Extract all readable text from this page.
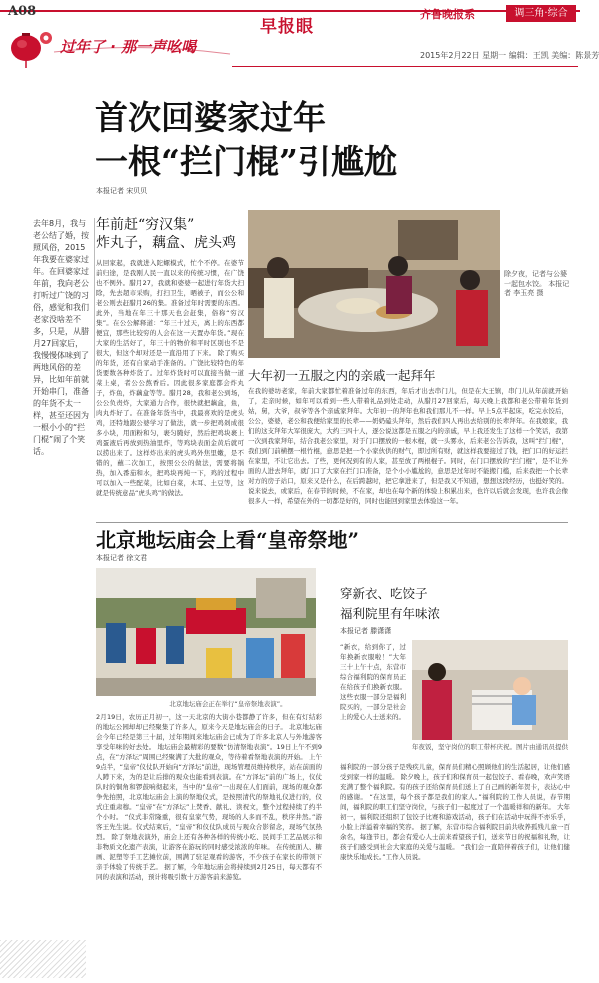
A08	齐鲁晚报系	调三角·综合
早报眼
过年了 · 那一声吆喝	2015年2月22日 星期一 编辑：王凯 美编：陈景芳
首次回婆家过年
一根“拦门棍”引尴尬
本报记者 宋贝贝
去年8月，我与老公结了婚，按照风俗，2015年我要在婆家过年。在回婆家过年前，我向老公打听过广饶的习俗，感觉和我们老家没啥差不多，只是，从腊月27回家后，我慢慢体味到了两地风俗的差异，比如年前就开始串门，准备的年货不太一样，甚至还因为一根小小的“拦门棍”闹了个笑话。
年前赶“穷汉集”
炸丸子，藕盒、虎头鸡
从回家起，我就进入陀螺模式，忙个不停。在婆节前归途，是我刚人民一直以来的传统习惯，在广饶也不例外。腊月27，我就和婆婆一起进行年货大扫除，先去超市采购，打扫卫生，晒被子，而公公和老公则去赶腊月26的集。准备过年时需要的东西。此外，当地在年三十那天也会赶集，俗称“穷汉集”。在公公解释道：“年三十过天，离上的东西都便宜，那些比较穷的人会在这一天置办年货。”现在大家的生活好了，年三十的物价和平时区别也不是很大，但这个却对还是一直沿用了下来。 除了购买的年货，还有自家动手准备的。广饶比较特色的年货要数各种炸货了。过年炸货时可以直接当做一道菜上桌，者公公熬香后。因此很多家庭都会炸丸子，炸鱼，炸藕盒等等。腊月28，我和老公到场，公公负责炸，大家通力合作，很快就把藕盒，鱼，肉丸炸好了。在准备年货当中，我最喜欢的是虎头鸡，还特地跟公婆学习了做法，就一步把鸡剁成很多小块，用面粉和匀，裹匀腌好，然后把鸡块裹上鸡蛋液后再放到热油里炸，等鸡块表面金黄后就可以捞出来了。这样炸出来的虎头鸡外焦里嫩，是不错的，蘸二次加工，按照公公的做法，需要将锅热，加入番茄和水，把鸡块再炖一下，鸡的过程中可以加入一些配菜，比如白菜，木耳、土豆等，这就是传统意品“虎头鸡”的做法。
除夕夜，记者与公婆一起包水饺。 本报记者 李玉亮 摄
大年初一五服之内的亲戚一起拜年
在我的婆坊老家，年前大家都忙着准备过年的东西，年后才出去串门儿，但是在大王镇，串门儿从年前就开始了，走亲时候，如年可以看到一些人带着礼品到处走动，从腊月27回家后，每天晚上我都和老公带着年货到姑，舅，大爷，叔爷等各个亲戚家拜年。大年初一的拜年也和我们那儿不一样。早上5点半起床，吃完水饺后，公公，婆婆，老公和我便给家里的长辈——奶奶磕头拜年，然后我们四人再出去给别的长辈拜年。在我娘家，我们的这支拜年大军很庞大，大约三四十人，逐公说这都是五服之内的亲戚，早上我还发生了这样一个笑话，我第一次到我家拜年，结合我老公家里，对于门口摆放的一根木棍，就一头雾水，后来老公告诉我，这叫“拦门棍”，我们到门前横摆一根竹棍，意思是把一个小家伙供的财气，即过所有财，就这样我要接过了钱，把门口的好运拦在家里，不让它出去。了些，更何况到有的人家，甚至放了两根棍子。同时，在门口摆放的“拦门棍”，是不让外面的人进去拜年，就门口了大家在拦门口准备，是个小小尴尬的，意思是过年时不能搬门槛，后来我把一个长辈对方的房子站口，原来又是什么，在后跨越时，把它拿进来了，但是我又不知道，想想这段经历，也挺好笑的。 说来说去，或家后，在春节的时候，不在家，却也在每个新的体验上积累出来，也许以后就会发现，也许我会像很多人一样，希望在外的一切都是好的，同时也能回到家里去体验这一年。
北京地坛庙会上看“皇帝祭地”
本报记者 徐文君
北京地坛庙会正在举行“皇帝祭地表演”。
2月19日，农历正月初一，这一天北京的大街小巷都静了许多，但在有灯结彩的地坛公园却却已经聚集了许多人，原来今天是地坛庙会的日子。 北京地坛庙会今年已经是第三十届，过年期间来地坛庙会已成为了许多北京人与外地游客享受年味的好去处。 地坛庙会最精彩的要数“仿清祭地表演”。19日上午不到9点，在“方泽坛”周围已经聚满了大批的观众，等待着看祭地表演的开始。 上午9点半，“皇帝”仪仗队开始向“方泽坛”前进，现场管理员维持秩序，站在前面的人蹲下来，为的是让后排的观众也能看到表演。在“方泽坛”前的广场上，仪仗队时的铜角和锣鼓响彻起来，当中的“皇帝”一出现在人们面前，现场的观众都争先拍照，北京地坛庙会上演的祭地仪式，是按照清代的祭地礼仪进行的，仪式庄重肃穆。“皇帝”在“方泽坛”上焚香、献礼、读祝文，整个过程持续了约半个小时。 “仪式非常隆重，很有皇家气势，现场的人多而不乱，秩序井然。”游客王先生说。仪式结束后，“皇帝”和仪仗队成员与观众合影留念，现场气氛热烈。 除了祭地表演外，庙会上还有各种各样的传统小吃、民间手工艺品展示和非物质文化遗产表演，让游客在游玩的同时感受浓浓的年味。 在传统面人、糖画、泥塑等手工艺摊位前，围满了驻足观看的游客，不少孩子在家长的带领下亲手体验了传统手艺。 据了解，今年地坛庙会将持续到2月25日，每天都有不同的表演和活动，预计将吸引数十万游客前来游览。
穿新衣、吃饺子
福利院里有年味浓
本报记者 滕潇潇
“新衣，给到你了，过年换新衣服啦！”大年三十上午十点，东营市综合福利院的保育员正在给孩子们换新衣服。这些衣服一部分是福利院买的，一部分是社会上的爱心人士送来的。
年夜饭，坚守岗位的职工带杯庆祝。图片由通讯员提供
福利院的一部分孩子是残疾儿童，保育员们精心照顾他们的生活起居，让他们感受到家一样的温暖。 除夕晚上，孩子们和保育员一起包饺子、看春晚，欢声笑语充满了整个福利院。有的孩子还给保育员们送上了自己画的新年贺卡，表达心中的感谢。 “在这里，每个孩子都是我们的家人。”福利院的工作人员说，春节期间，福利院的职工们坚守岗位，与孩子们一起度过了一个温暖祥和的新年。 大年初一，福利院还组织了包饺子比赛和游戏活动，孩子们在活动中玩得不亦乐乎，小脸上洋溢着幸福的笑容。 据了解，东营市综合福利院目前共收养孤残儿童一百余名，每逢节日，都会有爱心人士前来看望孩子们，送来节日的祝福和礼物，让孩子们感受到社会大家庭的关爱与温暖。 “我们会一直陪伴着孩子们，让他们健康快乐地成长。”工作人员说。
